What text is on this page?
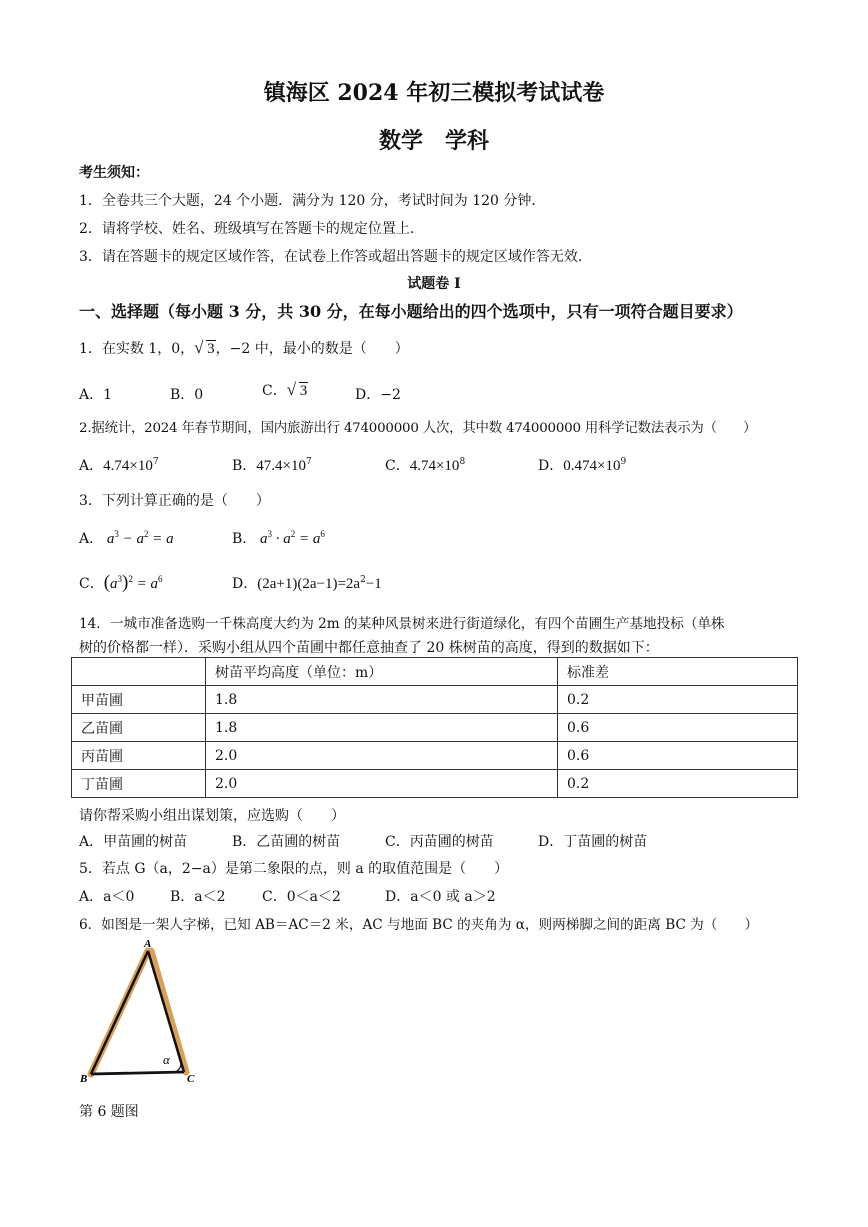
镇海区 2024 年初三模拟考试试卷
数学　学科
考生须知：
1．全卷共三个大题，24 个小题．满分为 120 分，考试时间为 120 分钟．
2．请将学校、姓名、班级填写在答题卡的规定位置上．
3．请在答题卡的规定区域作答，在试卷上作答或超出答题卡的规定区域作答无效．
试题卷 I
一、选择题（每小题 3 分，共 30 分，在每小题给出的四个选项中，只有一项符合题目要求）
1．在实数 1，0， √ 3，−2 中，最小的数是（　　）
A．1	B．0	C． √ 3	D．−2
2.据统计，2024 年春节期间，国内旅游出行 474000000 人次，其中数 474000000 用科学记数法表示为（　　）
A．$4.74\times 10^7$	B．$47.4\times 10^7$	C．$4.74\times 10^8$	D．$0.474\times 10^9$
3．下列计算正确的是（　　）
A． $a^3 - a^2 = a$	B． $a^3 \cdot a^2 = a^6$
C．$(a^3)^2 = a^6$	D．$(2a+1)(2a-1)=2a^2-1$
14．一城市准备选购一千株高度大约为 2m 的某种风景树来进行街道绿化，有四个苗圃生产基地投标（单株
树的价格都一样）．采购小组从四个苗圃中都任意抽查了 20 株树苗的高度，得到的数据如下：
	树苗平均高度（单位：m）	标准差
甲苗圃	1.8	0.2
乙苗圃	1.8	0.6
丙苗圃	2.0	0.6
丁苗圃	2.0	0.2
请你帮采购小组出谋划策，应选购（　　）
A．甲苗圃的树苗	B．乙苗圃的树苗	C．丙苗圃的树苗	D．丁苗圃的树苗
5．若点 G（a，2−a）是第二象限的点，则 a 的取值范围是（　　）
A．a＜0	B．a＜2	C．0＜a＜2	D．a＜0 或 a＞2
6．如图是一架人字梯，已知 AB＝AC＝2 米，AC 与地面 BC 的夹角为 α，则两梯脚之间的距离 BC 为（　　）
A
B	C
α
第 6 题图
